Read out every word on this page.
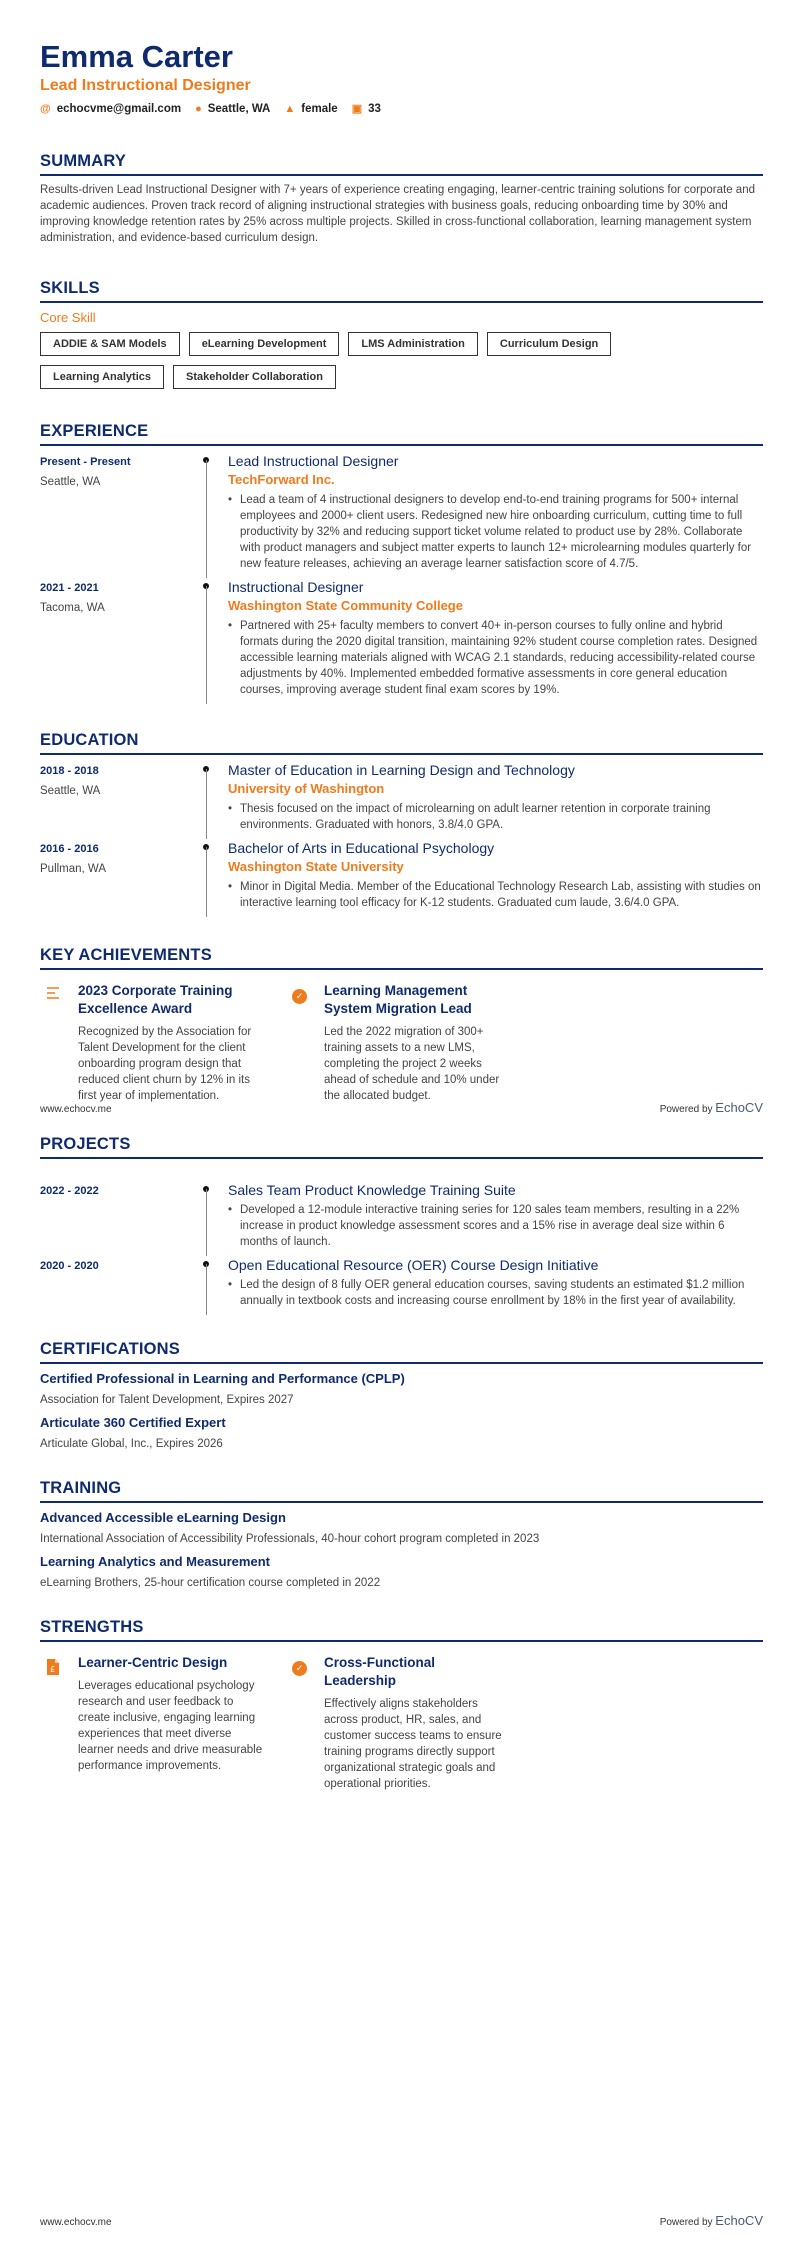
Emma Carter
Lead Instructional Designer
@ echocvme@gmail.com ● Seattle, WA ▲ female ▣ 33
SUMMARY
Results-driven Lead Instructional Designer with 7+ years of experience creating engaging, learner-centric training solutions for corporate and academic audiences. Proven track record of aligning instructional strategies with business goals, reducing onboarding time by 30% and improving knowledge retention rates by 25% across multiple projects. Skilled in cross-functional collaboration, learning management system administration, and evidence-based curriculum design.
SKILLS
Core Skill
ADDIE & SAM Models	eLearning Development	LMS Administration	Curriculum Design
Learning Analytics	Stakeholder Collaboration
EXPERIENCE
Present - Present
Seattle, WA
Lead Instructional Designer
TechForward Inc.
• Lead a team of 4 instructional designers to develop end-to-end training programs for 500+ internal employees and 2000+ client users. Redesigned new hire onboarding curriculum, cutting time to full productivity by 32% and reducing support ticket volume related to product use by 28%. Collaborate with product managers and subject matter experts to launch 12+ microlearning modules quarterly for new feature releases, achieving an average learner satisfaction score of 4.7/5.
2021 - 2021
Tacoma, WA
Instructional Designer
Washington State Community College
• Partnered with 25+ faculty members to convert 40+ in-person courses to fully online and hybrid formats during the 2020 digital transition, maintaining 92% student course completion rates. Designed accessible learning materials aligned with WCAG 2.1 standards, reducing accessibility-related course adjustments by 40%. Implemented embedded formative assessments in core general education courses, improving average student final exam scores by 19%.
EDUCATION
2018 - 2018
Seattle, WA
Master of Education in Learning Design and Technology
University of Washington
• Thesis focused on the impact of microlearning on adult learner retention in corporate training environments. Graduated with honors, 3.8/4.0 GPA.
2016 - 2016
Pullman, WA
Bachelor of Arts in Educational Psychology
Washington State University
• Minor in Digital Media. Member of the Educational Technology Research Lab, assisting with studies on interactive learning tool efficacy for K-12 students. Graduated cum laude, 3.6/4.0 GPA.
KEY ACHIEVEMENTS
2023 Corporate Training Excellence Award
Recognized by the Association for Talent Development for the client onboarding program design that reduced client churn by 12% in its first year of implementation.
✓	Learning Management System Migration Lead
Led the 2022 migration of 300+ training assets to a new LMS, completing the project 2 weeks ahead of schedule and 10% under the allocated budget.
PROJECTS
www.echocv.me	Powered by EchoCV
2022 - 2022	Sales Team Product Knowledge Training Suite
• Developed a 12-module interactive training series for 120 sales team members, resulting in a 22% increase in product knowledge assessment scores and a 15% rise in average deal size within 6 months of launch.
2020 - 2020	Open Educational Resource (OER) Course Design Initiative
• Led the design of 8 fully OER general education courses, saving students an estimated $1.2 million annually in textbook costs and increasing course enrollment by 18% in the first year of availability.
CERTIFICATIONS
Certified Professional in Learning and Performance (CPLP)
Association for Talent Development, Expires 2027
Articulate 360 Certified Expert
Articulate Global, Inc., Expires 2026
TRAINING
Advanced Accessible eLearning Design
International Association of Accessibility Professionals, 40-hour cohort program completed in 2023
Learning Analytics and Measurement
eLearning Brothers, 25-hour certification course completed in 2022
STRENGTHS
£ Learner-Centric Design
Leverages educational psychology research and user feedback to create inclusive, engaging learning experiences that meet diverse learner needs and drive measurable performance improvements.
✓	Cross-Functional Leadership
Effectively aligns stakeholders across product, HR, sales, and customer success teams to ensure training programs directly support organizational strategic goals and operational priorities.
www.echocv.me	Powered by EchoCV
